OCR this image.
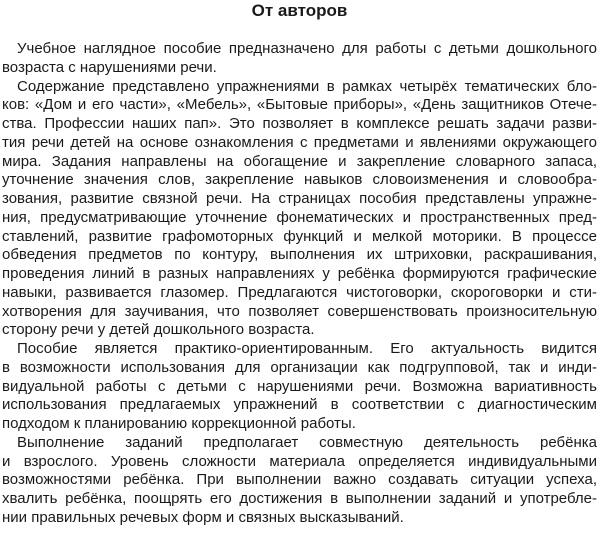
От авторов
Учебное наглядное пособие предназначено для работы с детьми дошкольного
возраста с нарушениями речи.
Содержание представлено упражнениями в рамках четырёх тематических бло-
ков: «Дом и его части», «Мебель», «Бытовые приборы», «День защитников Отече-
ства. Профессии наших пап». Это позволяет в комплексе решать задачи разви-
тия речи детей на основе ознакомления с предметами и явлениями окружающего
мира. Задания направлены на обогащение и закрепление словарного запаса,
уточнение значения слов, закрепление навыков словоизменения и словообра-
зования, развитие связной речи. На страницах пособия представлены упражне-
ния, предусматривающие уточнение фонематических и пространственных пред-
ставлений, развитие графомоторных функций и мелкой моторики. В процессе
обведения предметов по контуру, выполнения их штриховки, раскрашивания,
проведения линий в разных направлениях у ребёнка формируются графические
навыки, развивается глазомер. Предлагаются чистоговорки, скороговорки и сти-
хотворения для заучивания, что позволяет совершенствовать произносительную
сторону речи у детей дошкольного возраста.
Пособие является практико-ориентированным. Его актуальность видится
в возможности использования для организации как подгрупповой, так и инди-
видуальной работы с детьми с нарушениями речи. Возможна вариативность
использования предлагаемых упражнений в соответствии с диагностическим
подходом к планированию коррекционной работы.
Выполнение заданий предполагает совместную деятельность ребёнка
и взрослого. Уровень сложности материала определяется индивидуальными
возможностями ребёнка. При выполнении важно создавать ситуации успеха,
хвалить ребёнка, поощрять его достижения в выполнении заданий и употребле-
нии правильных речевых форм и связных высказываний.
